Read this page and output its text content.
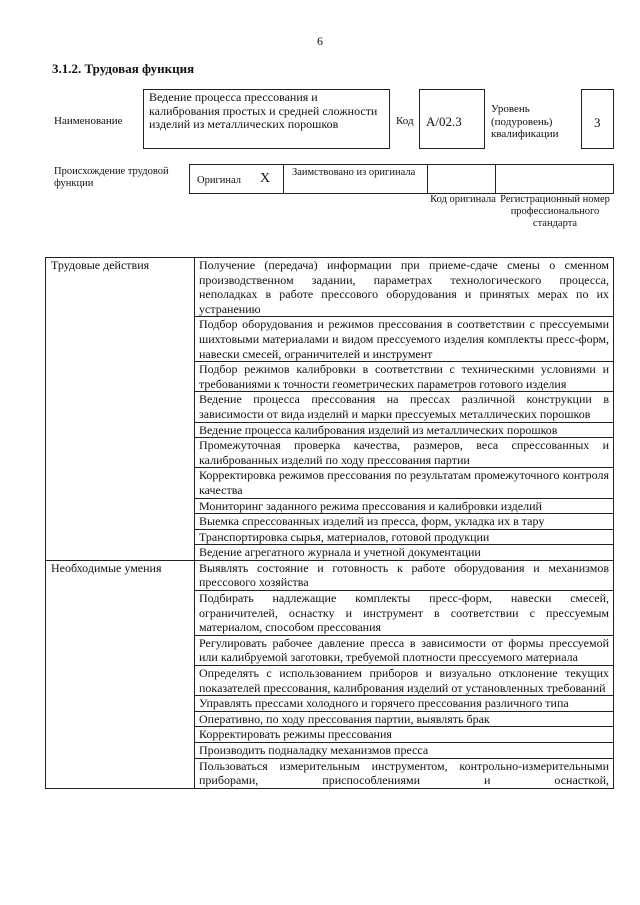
6
3.1.2. Трудовая функция
Наименование
Ведение процесса прессования и калибрования простых и средней сложности изделий из металлических порошков	Код А/02.3
Уровень (подуровень) квалификации
3
Происхождение трудовой функции	Оригинал X	Заимствовано из оригинала
Код оригинала Регистрационный номер профессионального стандарта
Трудовые действия	Получение (передача) информации при приеме-сдаче смены о сменном производственном задании, параметрах технологического процесса, неполадках в работе прессового оборудования и принятых мерах по их устранению
	Подбор оборудования и режимов прессования в соответствии с прессуемыми шихтовыми материалами и видом прессуемого изделия комплекты пресс-форм, навески смесей, ограничителей и инструмент
	Подбор режимов калибровки в соответствии с техническими условиями и требованиями к точности геометрических параметров готового изделия
	Ведение процесса прессования на прессах различной конструкции в зависимости от вида изделий и марки прессуемых металлических порошков
	Ведение процесса калибрования изделий из металлических порошков
	Промежуточная проверка качества, размеров, веса спрессованных и калиброванных изделий по ходу прессования партии
	Корректировка режимов прессования по результатам промежуточного контроля качества
	Мониторинг заданного режима прессования и калибровки изделий
	Выемка спрессованных изделий из пресса, форм, укладка их в тару
	Транспортировка сырья, материалов, готовой продукции
	Ведение агрегатного журнала и учетной документации
Необходимые умения	Выявлять состояние и готовность к работе оборудования и механизмов прессового хозяйства
	Подбирать надлежащие комплекты пресс-форм, навески смесей, ограничителей, оснастку и инструмент в соответствии с прессуемым материалом, способом прессования
	Регулировать рабочее давление пресса в зависимости от формы прессуемой или калибруемой заготовки, требуемой плотности прессуемого материала
	Определять с использованием приборов и визуально отклонение текущих показателей прессования, калибрования изделий от установленных требований
	Управлять прессами холодного и горячего прессования различного типа
	Оперативно, по ходу прессования партии, выявлять брак
	Корректировать режимы прессования
	Производить подналадку механизмов пресса
	Пользоваться измерительным инструментом, контрольно-измерительными приборами, приспособлениями и оснасткой,
